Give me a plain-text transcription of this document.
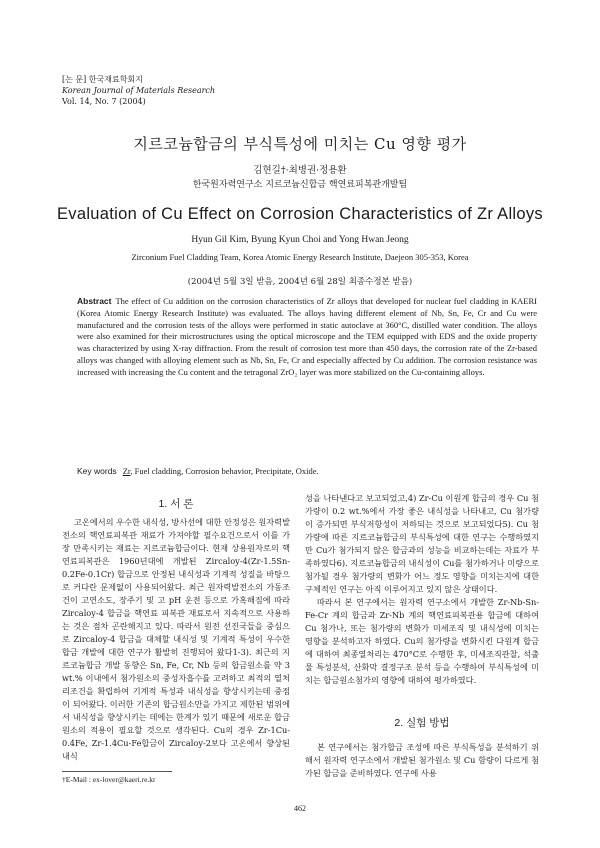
[논 문] 한국재료학회지
Korean Journal of Materials Research
Vol. 14, No. 7 (2004)
지르코늄합금의 부식특성에 미치는 Cu 영향 평가
김현길†·최병권·정용환
한국원자력연구소 지르코늄신합금 핵연료피복관개발팀
Evaluation of Cu Effect on Corrosion Characteristics of Zr Alloys
Hyun Gil Kim, Byung Kyun Choi and Yong Hwan Jeong
Zirconium Fuel Cladding Team, Korea Atomic Energy Research Institute, Daejeon 305-353, Korea
(2004년 5월 3일 받음, 2004년 6월 28일 최종수정본 받음)
Abstract The effect of Cu addition on the corrosion characteristics of Zr alloys that developed for nuclear fuel cladding in KAERI (Korea Atomic Energy Research Institute) was evaluated. The alloys having different element of Nb, Sn, Fe, Cr and Cu were manufactured and the corrosion tests of the alloys were performed in static autoclave at 360°C, distilled water condition. The alloys were also examined for their microstructures using the optical microscope and the TEM equipped with EDS and the oxide property was characterized by using X-ray diffraction. From the result of corrosion test more than 450 days, the corrosion rate of the Zr-based alloys was changed with alloying element such as Nb, Sn, Fe, Cr and especially affected by Cu addition. The corrosion resistance was increased with increasing the Cu content and the tetragonal ZrO₂ layer was more stabilized on the Cu-containing alloys.
Key words Zr, Fuel cladding, Corrosion behavior, Precipitate, Oxide.
1. 서 론

고온에서의 우수한 내식성, 방사선에 대한 안정성은 원자력발전소의 핵연료피복관 재료가 가져야할 필수요건으로서 이를 가장 만족시키는 재료는 지르코늄합금이다. 현재 상용원자로의 핵연료피복관은 1960년대에 개발된 Zircaloy-4(Zr-1.5Sn-0.2Fe-0.1Cr) 합금으로 안정된 내식성과 기계적 성질을 바탕으로 커다란 문제없이 사용되어왔다. 최근 원자력발전소의 가동조건이 고연소도, 장주기 및 고 pH 운전 등으로 가혹해짐에 따라 Zircaloy-4 합금을 핵연료 피복관 재료로서 지속적으로 사용하는 것은 점차 곤란해지고 있다. 따라서 원전 선진국들을 중심으로 Zircaloy-4 합금을 대체할 내식성 및 기계적 특성이 우수한 합금 개발에 대한 연구가 활발히 진행되어 왔다1-3). 최근의 지르코늄합금 개발 동향은 Sn, Fe, Cr, Nb 등의 합금원소를 약 3 wt.% 이내에서 첨가원소의 중성자흡수를 고려하고 최적의 열처리조건을 확립하여 기계적 특성과 내식성을 향상시키는데 중점이 되어왔다. 이러한 기존의 합금원소만을 가지고 제한된 범위에서 내식성을 향상시키는 데에는 한계가 있기 때문에 새로운 합금원소의 적용이 필요할 것으로 생각된다. Cu의 경우 Zr-1Cu-0.4Fe, Zr-1.4Cu-Fe합금이 Zircaloy-2보다 고온에서 향상된 내식

성을 나타낸다고 보고되었고,4) Zr-Cu 이원계 합금의 경우 Cu 첨가량이 0.2 wt.%에서 가장 좋은 내식성을 나타내고, Cu 첨가량이 증가되면 부식저항성이 저하되는 것으로 보고되었다5). Cu 첨가량에 따른 지르코늄합금의 부식특성에 대한 연구는 수행하였지만 Cu가 첨가되지 않은 합금과의 성능을 비교하는데는 자료가 부족하였다6). 지르코늄합금의 내식성이 Cu를 첨가하거나 미량으로 첨가될 경우 첨가량의 변화가 어느 정도 영향을 미치는지에 대한 구체적인 연구는 아직 이루어지고 있지 않은 상태이다.

따라서 본 연구에서는 원자력 연구소에서 개발한 Zr-Nb-Sn-Fe-Cr 계의 합금과 Zr-Nb 계의 핵연료피복관용 합금에 대하여 Cu 첨가나, 또는 첨가량의 변화가 미세조직 및 내식성에 미치는 영향을 분석하고자 하였다. Cu의 첨가량을 변화시킨 다원계 합금에 대하여 최종열처리는 470°C로 수행한 후, 미세조직관찰, 석출물 특성분석, 산화막 결정구조 분석 등을 수행하여 부식특성에 미치는 합금원소첨가의 영향에 대하여 평가하였다.

2. 실험 방법

본 연구에서는 첨가합금 조성에 따른 부식특성을 분석하기 위해서 원자력 연구소에서 개발된 첨가원소 및 Cu 함량이 다르게 첨가된 합금을 준비하였다. 연구에 사용

†E-Mail : ex-lover@kaeri.re.kr
462
